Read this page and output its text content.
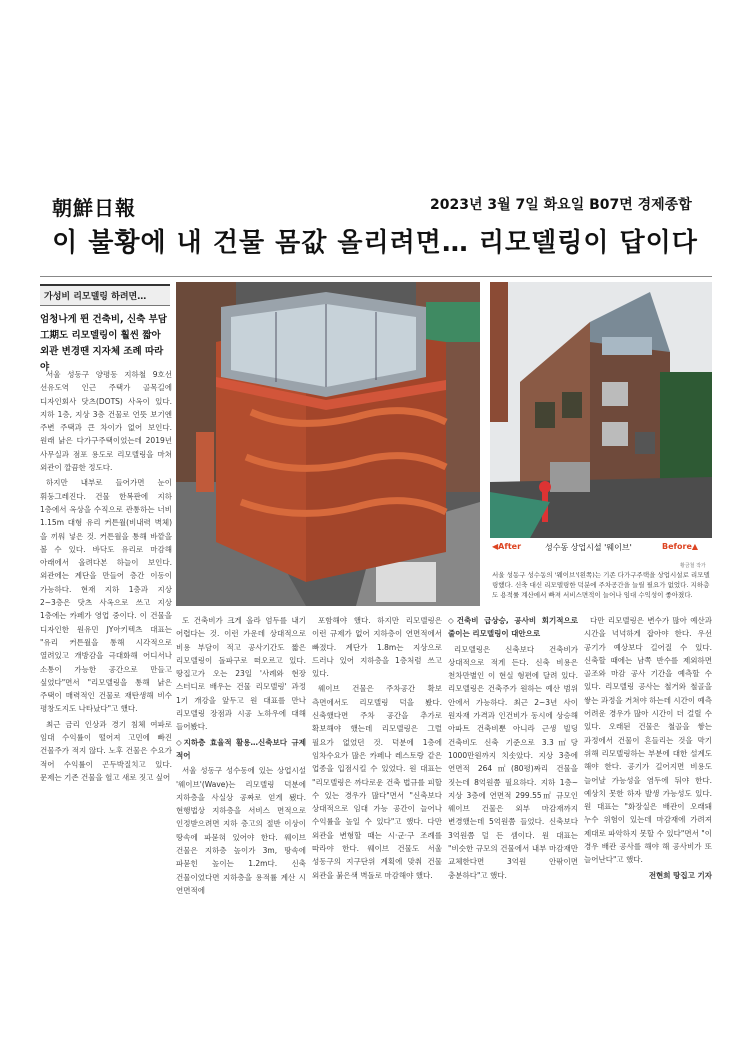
朝鮮日報	2023년 3월 7일 화요일 B07면 경제종합
이 불황에 내 건물 몸값 올리려면… 리모델링이 답이다
가성비 리모델링 하려면…
엄청나게 뛴 건축비, 신축 부담
工期도 리모델링이 훨씬 짧아
외관 변경땐 지자체 조례 따라야
◀After	성수동 상업시설 '웨이브'	Before▲
황금철 작가
서울 성동구 성수동의 '웨이브'(왼쪽)는 기존 다가구주택을 상업시설로 리모델링했다. 신축 대신 리모델링한 덕분에 주차공간을 늘릴 필요가 없었다. 지하층도 용적률 계산에서 빠져 서비스면적이 늘어나 임대 수익성이 좋아졌다.

서울 성동구 양평동 지하철 9호선 선유도역 인근 주택가 골목길에 디자인회사 닷츠(DOTS) 사옥이 있다. 지하 1층, 지상 3층 건물로 언뜻 보기엔 주변 주택과 큰 차이가 없어 보인다. 원래 낡은 다가구주택이었는데 2019년 사무실과 점포 용도로 리모델링을 마쳐 외관이 깔끔한 정도다.

하지만 내부로 들어가면 눈이 휘둥그레진다. 건물 한복판에 지하 1층에서 옥상을 수직으로 관통하는 너비 1.15m 대형 유리 커튼월(비내력 벽체)을 끼워 넣은 것. 커튼월을 통해 바깥을 볼 수 있다. 바닥도 유리로 마감해 아래에서 올려다본 하늘이 보인다. 외관에는 계단을 만들어 층간 이동이 가능하다. 현재 지하 1층과 지상 2~3층은 닷츠 사옥으로 쓰고 지상 1층에는 카페가 영업 중이다. 이 건물을 디자인한 원유민 JY아키텍츠 대표는 "유리 커튼월을 통해 시각적으로 열려있고 개방감을 극대화해 어디서나 소통이 가능한 공간으로 만들고 싶었다"면서 "리모델링을 통해 낡은 주택이 매력적인 건물로 재탄생해 비수 평창도지도 나타났다"고 했다.

최근 금리 인상과 경기 침체 여파로 임대 수익률이 떨어져 고민에 빠진 건물주가 적지 않다. 노후 건물은 수요가 적어 수익률이 곤두박질치고 있다. 문제는 기존 건물을 헐고 새로 짓고 싶어

도 건축비가 크게 올라 엄두를 내기 어렵다는 것. 이런 가운데 상대적으로 비용 부담이 적고 공사기간도 짧은 리모델링이 돌파구로 떠오르고 있다. 땅집고가 오는 23일 '사례와 현장 스터디로 배우는 건물 리모델링' 과정 1기 개강을 앞두고 원 대표를 만나 리모델링 장점과 시공 노하우에 대해 들어봤다.

◇지하층 효율적 활용…신축보다 규제 적어

서울 성동구 성수동에 있는 상업시설 '웨이브'(Wave)는 리모델링 덕분에 지하층을 사실상 공짜로 얻게 됐다. 현행법상 지하층을 서비스 면적으로 인정받으려면 지하 층고의 절반 이상이 땅속에 파묻혀 있어야 한다. 웨이브 건물은 지하층 높이가 3m, 땅속에 파묻힌 높이는 1.2m다. 신축 건물이었다면 지하층을 용적률 계산 시 연면적에

포함해야 했다. 하지만 리모델링은 이런 규제가 없어 지하층이 연면적에서 빠졌다. 계단가 1.8m는 지상으로 드러나 있어 지하층을 1층처럼 쓰고 있다.

웨이브 건물은 주차공간 확보 측면에서도 리모델링 덕을 봤다. 신축했다면 주차 공간을 추가로 확보해야 했는데 리모델링은 그럴 필요가 없었던 것. 덕분에 1층에 임차수요가 많은 카페나 레스토랑 같은 업종을 입점시킬 수 있었다. 원 대표는 "리모델링은 까다로운 건축 법규를 피할 수 있는 경우가 많다"면서 "신축보다 상대적으로 임대 가능 공간이 늘어나 수익률을 높일 수 있다"고 했다. 다만 외관을 변형할 때는 시·군·구 조례를 따라야 한다. 웨이브 건물도 서울 성동구의 지구단위 계획에 맞춰 건물 외관을 붉은색 벽돌로 마감해야 했다.

◇건축비 급상승, 공사비 회기적으로 줄이는 리모델링이 대안으로

리모델링은 신축보다 건축비가 상대적으로 적게 든다. 신축 비용은 천차만별인 이 현실 형편에 달려 있다. 리모델링은 건축주가 원하는 예산 범위 안에서 가능하다. 최근 2~3년 사이 원자재 가격과 인건비가 동시에 상승해 아파트 건축비뿐 아니라 근생 빌딩 건축비도 신축 기준으로 3.3㎡당 1000만원까지 치솟았다. 지상 3층에 연면적 264㎡(80평)짜리 건물을 짓는데 8억원쯤 필요하다. 지하 1층~지상 3층에 연면적 299.55㎡ 규모인 웨이브 건물은 외부 마감재까지 변경했는데 5억원쯤 들었다. 신축보다 3억원쯤 덜 든 셈이다. 원 대표는 "비슷한 규모의 건물에서 내부 마감재만 교체한다면 3억원 안팎이면 충분하다"고 했다.

다만 리모델링은 변수가 많아 예산과 시간을 넉넉하게 잡아야 한다. 우선 공기가 예상보다 길어질 수 있다. 신축할 때에는 남쪽 반수를 제외하면 골조와 마감 공사 기간을 예측할 수 있다. 리모델링 공사는 철거와 철골을 쌓는 과정을 거쳐야 하는데 시간이 예측 어려운 경우가 많아 시간이 더 걸릴 수 있다. 오래된 건물은 철골을 쌓는 과정에서 건물이 흔들리는 것을 막기 위해 리모델링하는 부분에 대한 설계도 해야 한다. 공기가 길어지면 비용도 늘어날 가능성을 염두에 둬야 한다. 예상치 못한 하자 발생 가능성도 있다. 원 대표는 "화장실은 배관이 오래돼 누수 위험이 있는데 마감재에 가려져 제대로 파악하지 못할 수 있다"면서 "이 경우 배관 공사를 해야 해 공사비가 또 늘어난다"고 했다.

전현희 땅집고 기자
